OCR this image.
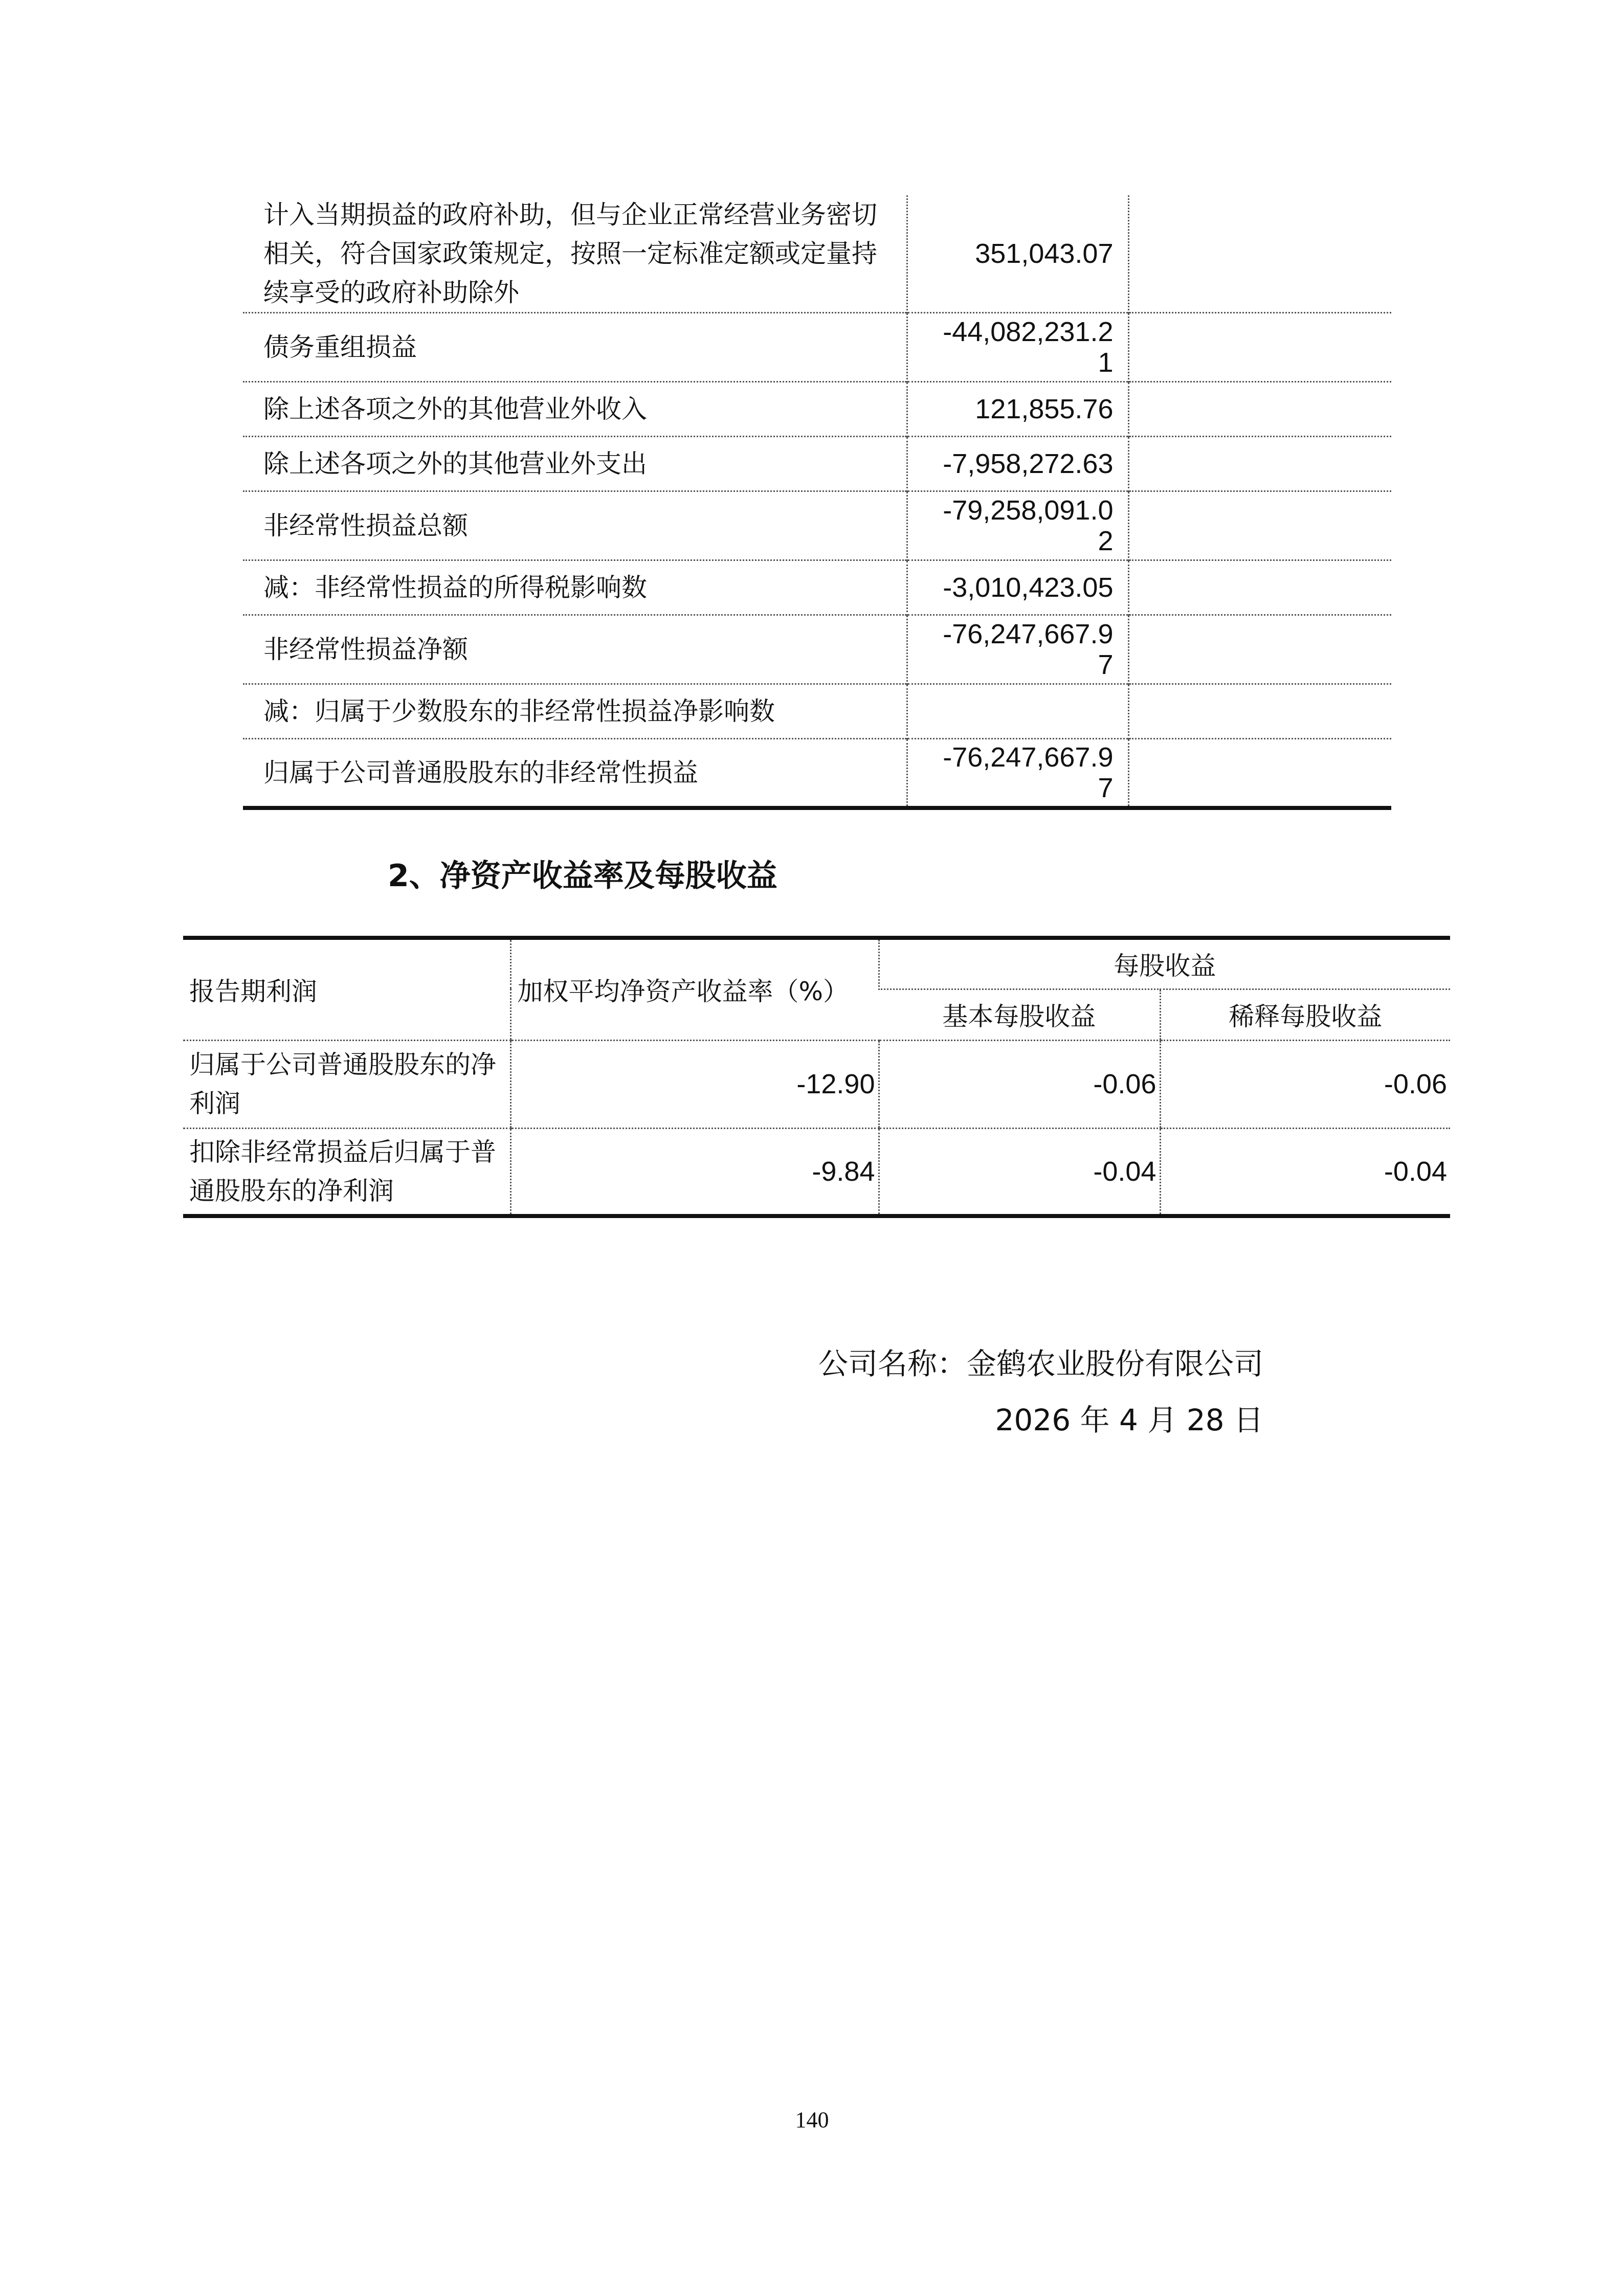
计入当期损益的政府补助，但与企业正常经营业务密切相关，符合国家政策规定，按照一定标准定额或定量持续享受的政府补助除外	351,043.07	
债务重组损益	-44,082,231.21	

除上述各项之外的其他营业外收入	121,855.76	
除上述各项之外的其他营业外支出	-7,958,272.63	
非经常性损益总额	-79,258,091.02	

减：非经常性损益的所得税影响数	-3,010,423.05	
非经常性损益净额	-76,247,667.97	

减：归属于少数股东的非经常性损益净影响数		
归属于公司普通股股东的非经常性损益	-76,247,667.97	

2、净资产收益率及每股收益
报告期利润	加权平均净资产收益率（%）	每股收益	
		基本每股收益	稀释每股收益

归属于公司普通股股东的净利润	-12.90	-0.06	-0.06

扣除非经常损益后归属于普通股股东的净利润	-9.84	-0.04	-0.04
公司名称：金鹤农业股份有限公司
2026 年 4 月 28 日
140
